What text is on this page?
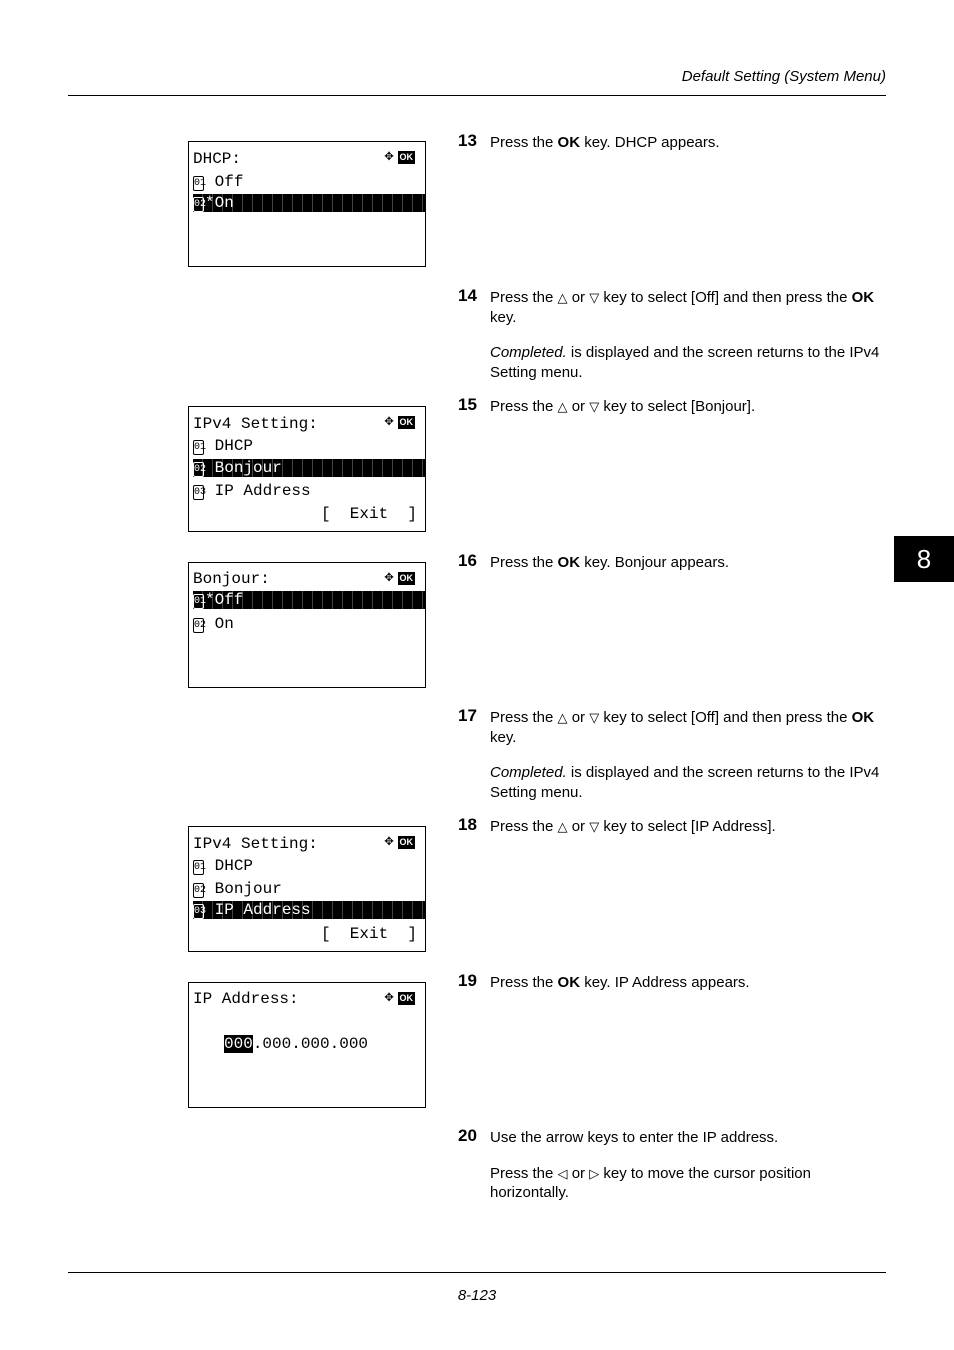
Default Setting (System Menu)
8
8-123
DHCP:	✥ OK
01 Off
02*On
IPv4 Setting:	✥ OK
01 DHCP
02 Bonjour
03 IP Address
[  Exit  ]
Bonjour:	✥ OK
01*Off
02 On
IPv4 Setting:	✥ OK
01 DHCP
02 Bonjour
03 IP Address
[  Exit  ]
IP Address:	✥ OK
000.000.000.000
13 Press the OK key. DHCP appears.

14 Press the △ or ▽ key to select [Off] and then press the OK key.

Completed. is displayed and the screen returns to the IPv4 Setting menu.

15 Press the △ or ▽ key to select [Bonjour].

16 Press the OK key. Bonjour appears.

17 Press the △ or ▽ key to select [Off] and then press the OK key.

Completed. is displayed and the screen returns to the IPv4 Setting menu.

18 Press the △ or ▽ key to select [IP Address].

19 Press the OK key. IP Address appears.

20 Use the arrow keys to enter the IP address.

Press the ◁ or ▷ key to move the cursor position horizontally.
